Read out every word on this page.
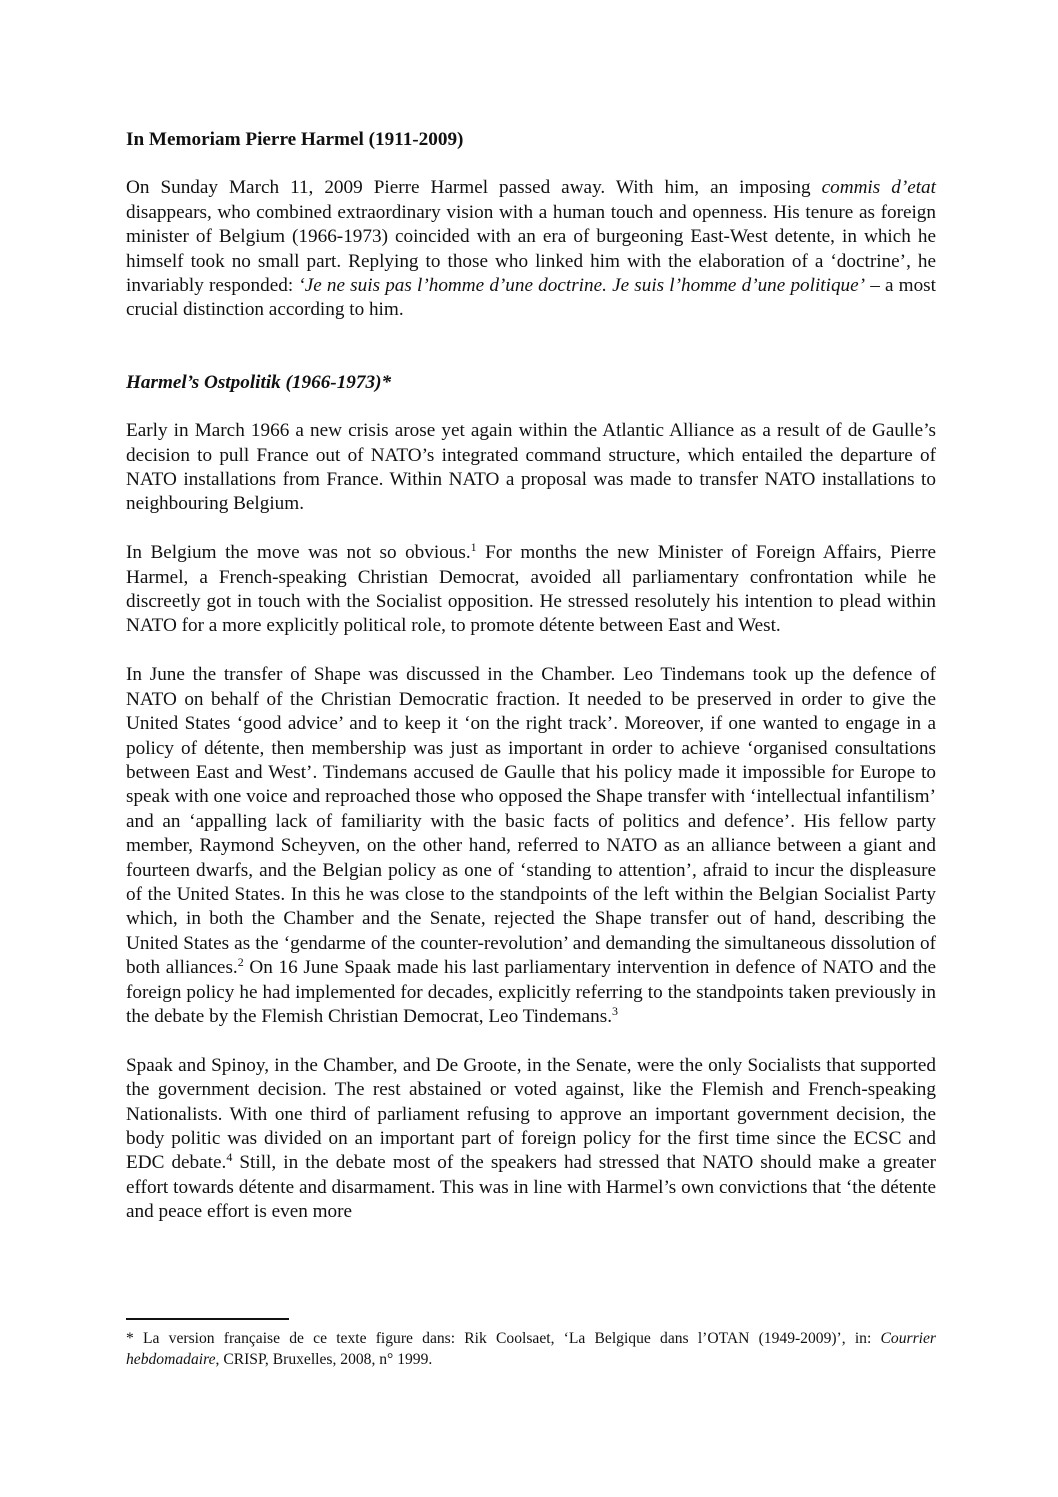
In Memoriam Pierre Harmel (1911-2009)

On Sunday March 11, 2009 Pierre Harmel passed away. With him, an imposing commis d’etat disappears, who combined extraordinary vision with a human touch and openness. His tenure as foreign minister of Belgium (1966-1973) coincided with an era of burgeoning East-West detente, in which he himself took no small part. Replying to those who linked him with the elaboration of a ‘doctrine’, he invariably responded: ‘Je ne suis pas l’homme d’une doctrine. Je suis l’homme d’une politique’ – a most crucial distinction according to him.

Harmel’s Ostpolitik (1966-1973)*

Early in March 1966 a new crisis arose yet again within the Atlantic Alliance as a result of de Gaulle’s decision to pull France out of NATO’s integrated command structure, which entailed the departure of NATO installations from France. Within NATO a proposal was made to transfer NATO installations to neighbouring Belgium.

In Belgium the move was not so obvious.$^1$ For months the new Minister of Foreign Affairs, Pierre Harmel, a French-speaking Christian Democrat, avoided all parliamentary confrontation while he discreetly got in touch with the Socialist opposition. He stressed resolutely his intention to plead within NATO for a more explicitly political role, to promote détente between East and West.

In June the transfer of Shape was discussed in the Chamber. Leo Tindemans took up the defence of NATO on behalf of the Christian Democratic fraction. It needed to be preserved in order to give the United States ‘good advice’ and to keep it ‘on the right track’. Moreover, if one wanted to engage in a policy of détente, then membership was just as important in order to achieve ‘organised consultations between East and West’. Tindemans accused de Gaulle that his policy made it impossible for Europe to speak with one voice and reproached those who opposed the Shape transfer with ‘intellectual infantilism’ and an ‘appalling lack of familiarity with the basic facts of politics and defence’. His fellow party member, Raymond Scheyven, on the other hand, referred to NATO as an alliance between a giant and fourteen dwarfs, and the Belgian policy as one of ‘standing to attention’, afraid to incur the displeasure of the United States. In this he was close to the standpoints of the left within the Belgian Socialist Party which, in both the Chamber and the Senate, rejected the Shape transfer out of hand, describing the United States as the ‘gendarme of the counter-revolution’ and demanding the simultaneous dissolution of both alliances.$^2$ On 16 June Spaak made his last parliamentary intervention in defence of NATO and the foreign policy he had implemented for decades, explicitly referring to the standpoints taken previously in the debate by the Flemish Christian Democrat, Leo Tindemans.$^3$

Spaak and Spinoy, in the Chamber, and De Groote, in the Senate, were the only Socialists that supported the government decision. The rest abstained or voted against, like the Flemish and French-speaking Nationalists. With one third of parliament refusing to approve an important government decision, the body politic was divided on an important part of foreign policy for the first time since the ECSC and EDC debate.$^4$ Still, in the debate most of the speakers had stressed that NATO should make a greater effort towards détente and disarmament. This was in line with Harmel’s own convictions that ‘the détente and peace effort is even more

* La version française de ce texte figure dans: Rik Coolsaet, ‘La Belgique dans l’OTAN (1949-2009)’, in: Courrier hebdomadaire, CRISP, Bruxelles, 2008, n° 1999.
